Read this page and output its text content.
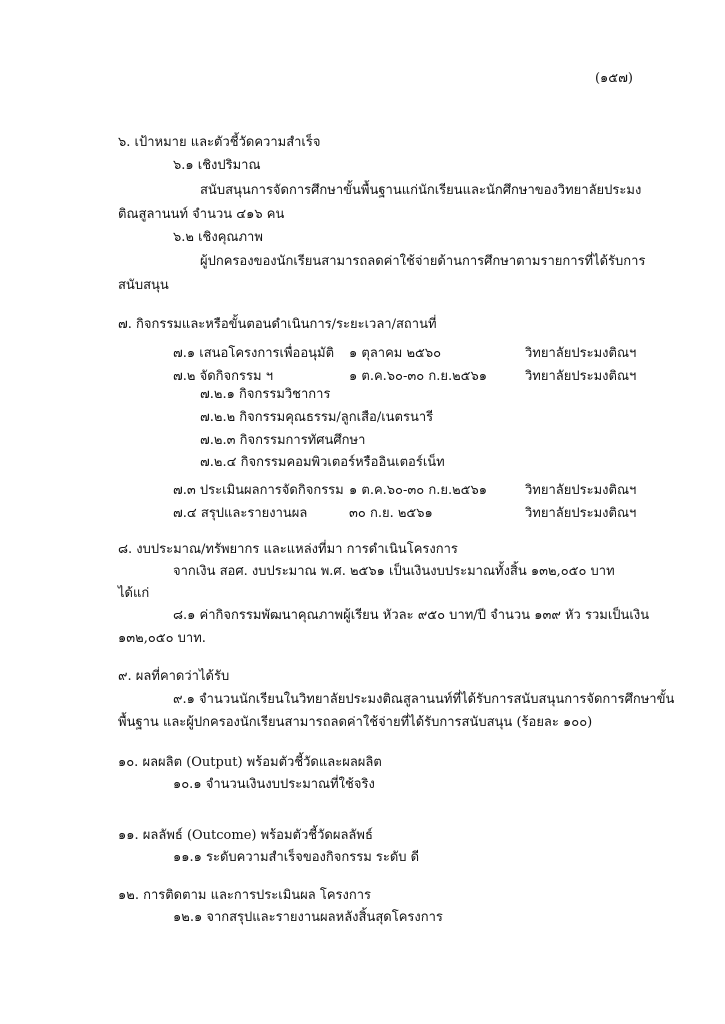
(๑๕๗)
๖. เป้าหมาย และตัวชี้วัดความสำเร็จ
๖.๑ เชิงปริมาณ
สนับสนุนการจัดการศึกษาขั้นพื้นฐานแก่นักเรียนและนักศึกษาของวิทยาลัยประมง
ติณสูลานนท์ จำนวน ๔๑๖ คน
๖.๒ เชิงคุณภาพ
ผู้ปกครองของนักเรียนสามารถลดค่าใช้จ่ายด้านการศึกษาตามรายการที่ได้รับการ
สนับสนุน
๗. กิจกรรมและหรือขั้นตอนดำเนินการ/ระยะเวลา/สถานที่
๗.๑ เสนอโครงการเพื่ออนุมัติ ๑ ตุลาคม ๒๕๖๐	วิทยาลัยประมงติณฯ
๗.๒ จัดกิจกรรม ฯ	๑ ต.ค.๖๐-๓๐ ก.ย.๒๕๖๑	วิทยาลัยประมงติณฯ
๗.๒.๑ กิจกรรมวิชาการ
๗.๒.๒ กิจกรรมคุณธรรม/ลูกเสือ/เนตรนารี
๗.๒.๓ กิจกรรมการทัศนศึกษา
๗.๒.๔ กิจกรรมคอมพิวเตอร์หรืออินเตอร์เน็ท
๗.๓ ประเมินผลการจัดกิจกรรม ๑ ต.ค.๖๐-๓๐ ก.ย.๒๕๖๑	วิทยาลัยประมงติณฯ
๗.๔ สรุปและรายงานผล	๓๐ ก.ย. ๒๕๖๑	วิทยาลัยประมงติณฯ
๘. งบประมาณ/ทรัพยากร และแหล่งที่มา การดำเนินโครงการ
จากเงิน สอศ. งบประมาณ พ.ศ. ๒๕๖๑ เป็นเงินงบประมาณทั้งสิ้น ๑๓๒,๐๕๐ บาท
ได้แก่
๘.๑ ค่ากิจกรรมพัฒนาคุณภาพผู้เรียน หัวละ ๙๕๐ บาท/ปี จำนวน ๑๓๙ หัว รวมเป็นเงิน
๑๓๒,๐๕๐ บาท.
๙. ผลที่คาดว่าได้รับ
๙.๑ จำนวนนักเรียนในวิทยาลัยประมงติณสูลานนท์ที่ได้รับการสนับสนุนการจัดการศึกษาขั้น
พื้นฐาน และผู้ปกครองนักเรียนสามารถลดค่าใช้จ่ายที่ได้รับการสนับสนุน (ร้อยละ ๑๐๐)
๑๐. ผลผลิต (Output) พร้อมตัวชี้วัดและผลผลิต
๑๐.๑ จำนวนเงินงบประมาณที่ใช้จริง
๑๑. ผลลัพธ์ (Outcome) พร้อมตัวชี้วัดผลลัพธ์
๑๑.๑ ระดับความสำเร็จของกิจกรรม ระดับ ดี
๑๒. การติดตาม และการประเมินผล โครงการ
๑๒.๑ จากสรุปและรายงานผลหลังสิ้นสุดโครงการ
